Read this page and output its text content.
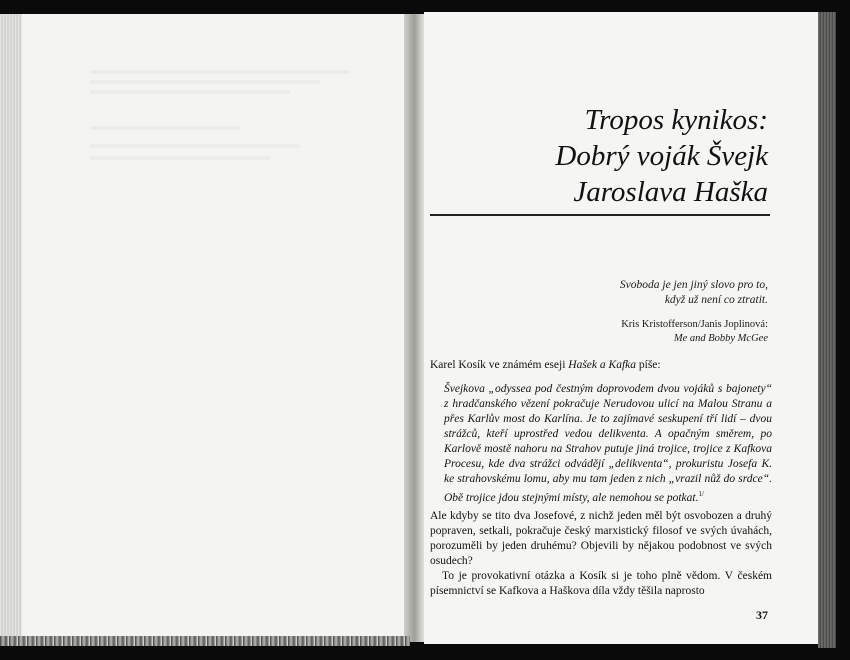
Tropos kynikos:
Dobrý voják Švejk
Jaroslava Haška
Svoboda je jen jiný slovo pro to,
když už není co ztratit.
Kris Kristofferson/Janis Joplinová:
Me and Bobby McGee
Karel Kosík ve známém eseji Hašek a Kafka píše:
Švejkova „odyssea pod čestným doprovodem dvou vojáků s bajonety“ z hradčanského vězení pokračuje Nerudovou ulicí na Malou Stranu a přes Karlův most do Karlína. Je to zajímavé seskupení tří lidí – dvou strážců, kteří uprostřed vedou delikventa. A opačným směrem, po Karlově mostě nahoru na Strahov putuje jiná trojice, trojice z Kafkova Procesu, kde dva strážci odvádějí „delikventa“, prokuristu Josefa K. ke strahovskému lomu, aby mu tam jeden z nich „vrazil nůž do srdce“. Obě trojice jdou stejnými místy, ale nemohou se potkat.$^{1/}$
Ale kdyby se tito dva Josefové, z nichž jeden měl být osvobozen a druhý popraven, setkali, pokračuje český marxistický filosof ve svých úvahách, porozuměli by jeden druhému? Objevili by nějakou podobnost ve svých osudech?
To je provokativní otázka a Kosík si je toho plně vědom. V českém písemnictví se Kafkova a Haškova díla vždy těšila naprosto
37
